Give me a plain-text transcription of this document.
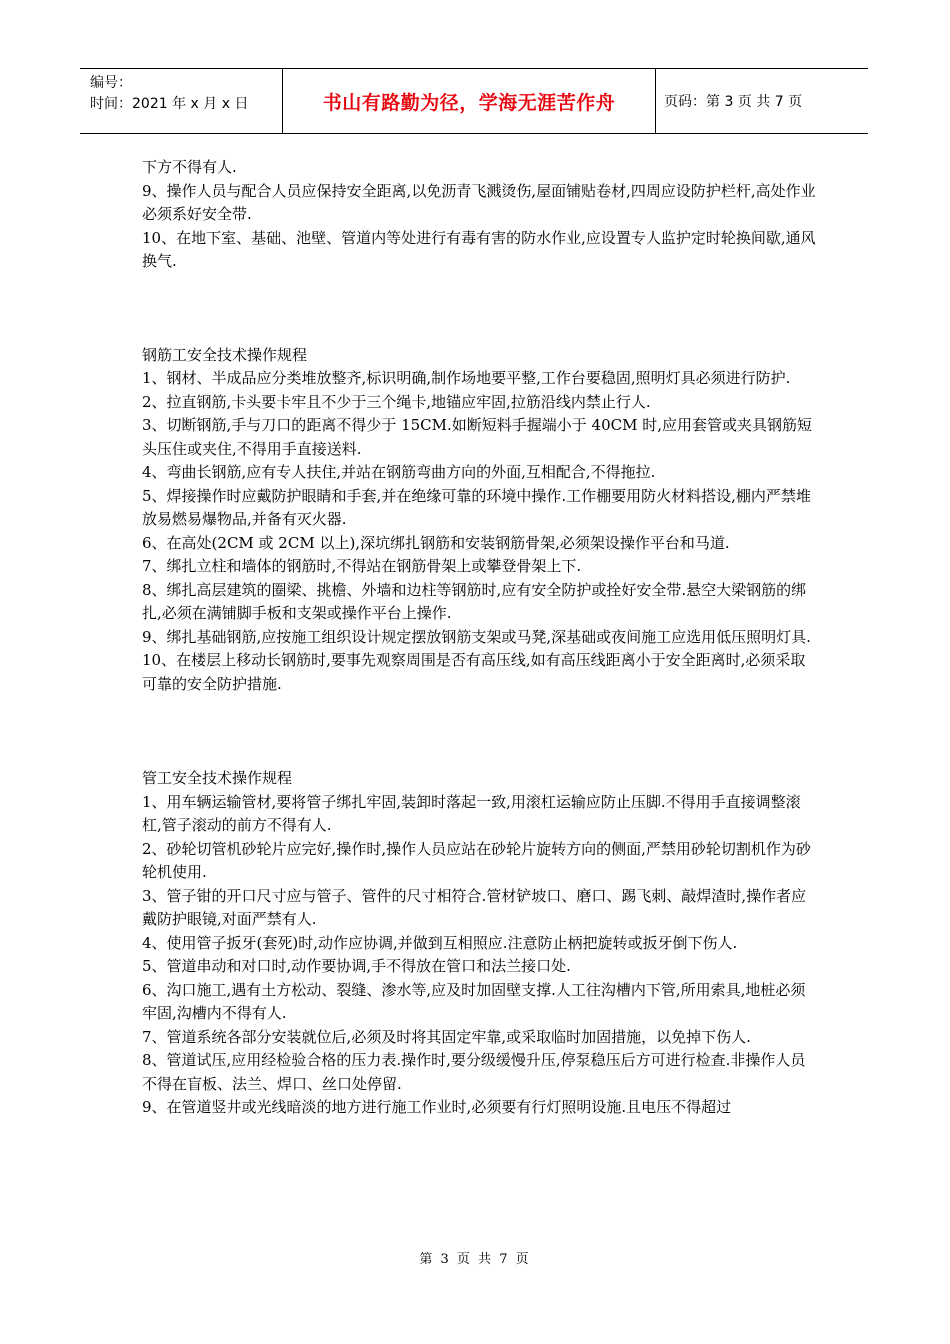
编号：
时间：2021 年 x 月 x 日	书山有路勤为径，学海无涯苦作舟	页码：第 3 页 共 7 页

下方不得有人.

9、操作人员与配合人员应保持安全距离,以免沥青飞溅烫伤,屋面铺贴卷材,四周应设防护栏杆,高处作业必须系好安全带.

10、在地下室、基础、池壁、管道内等处进行有毒有害的防水作业,应设置专人监护定时轮换间歇,通风换气.

钢筋工安全技术操作规程

1、钢材、半成品应分类堆放整齐,标识明确,制作场地要平整,工作台要稳固,照明灯具必须进行防护.

2、拉直钢筋,卡头要卡牢且不少于三个绳卡,地锚应牢固,拉筋沿线内禁止行人.

3、切断钢筋,手与刀口的距离不得少于 15CM.如断短料手握端小于 40CM 时,应用套管或夹具钢筋短头压住或夹住,不得用手直接送料.

4、弯曲长钢筋,应有专人扶住,并站在钢筋弯曲方向的外面,互相配合,不得拖拉.

5、焊接操作时应戴防护眼睛和手套,并在绝缘可靠的环境中操作.工作棚要用防火材料搭设,棚内严禁堆放易燃易爆物品,并备有灭火器.

6、在高处(2CM 或 2CM 以上),深坑绑扎钢筋和安装钢筋骨架,必须架设操作平台和马道.

7、绑扎立柱和墙体的钢筋时,不得站在钢筋骨架上或攀登骨架上下.

8、绑扎高层建筑的圈梁、挑檐、外墙和边柱等钢筋时,应有安全防护或拴好安全带.悬空大梁钢筋的绑扎,必须在满铺脚手板和支架或操作平台上操作.

9、绑扎基础钢筋,应按施工组织设计规定摆放钢筋支架或马凳,深基础或夜间施工应选用低压照明灯具.

10、在楼层上移动长钢筋时,要事先观察周围是否有高压线,如有高压线距离小于安全距离时,必须采取可靠的安全防护措施.

管工安全技术操作规程

1、用车辆运输管材,要将管子绑扎牢固,装卸时落起一致,用滚杠运输应防止压脚.不得用手直接调整滚杠,管子滚动的前方不得有人.

2、砂轮切管机砂轮片应完好,操作时,操作人员应站在砂轮片旋转方向的侧面,严禁用砂轮切割机作为砂轮机使用.

3、管子钳的开口尺寸应与管子、管件的尺寸相符合.管材铲坡口、磨口、踢飞刺、敲焊渣时,操作者应戴防护眼镜,对面严禁有人.

4、使用管子扳牙(套死)时,动作应协调,并做到互相照应.注意防止柄把旋转或扳牙倒下伤人.

5、管道串动和对口时,动作要协调,手不得放在管口和法兰接口处.

6、沟口施工,遇有土方松动、裂缝、渗水等,应及时加固壁支撑.人工往沟槽内下管,所用索具,地桩必须牢固,沟槽内不得有人.

7、管道系统各部分安装就位后,必须及时将其固定牢靠,或采取临时加固措施，以免掉下伤人.

8、管道试压,应用经检验合格的压力表.操作时,要分级缓慢升压,停泵稳压后方可进行检查.非操作人员不得在盲板、法兰、焊口、丝口处停留.

9、在管道竖井或光线暗淡的地方进行施工作业时,必须要有行灯照明设施.且电压不得超过

第 3 页 共 7 页
